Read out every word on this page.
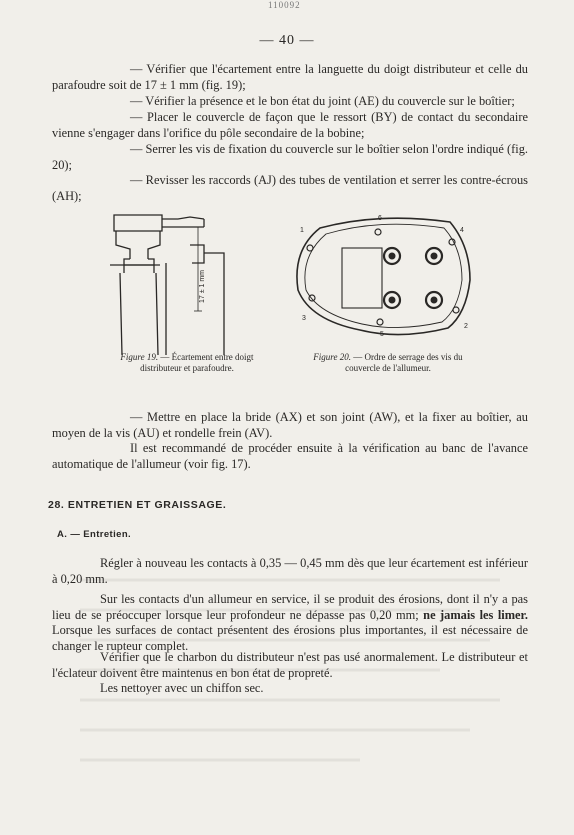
110092
— 40 —

— Vérifier que l'écartement entre la languette du doigt distributeur et celle du parafoudre soit de 17 ± 1 mm (fig. 19);

— Vérifier la présence et le bon état du joint (AE) du couvercle sur le boîtier;

— Placer le couvercle de façon que le ressort (BY) de contact du secondaire vienne s'engager dans l'orifice du pôle secondaire de la bobine;

— Serrer les vis de fixation du couvercle sur le boîtier selon l'ordre indiqué (fig. 20);

— Revisser les raccords (AJ) des tubes de ventilation et serrer les contre-écrous (AH);

17 ± 1 mm
Figure 19. — Écartement entre doigt distributeur et parafoudre.
1
2
3
4
5
6
Figure 20. — Ordre de serrage des vis du couvercle de l'allumeur.

— Mettre en place la bride (AX) et son joint (AW), et la fixer au boîtier, au moyen de la vis (AU) et rondelle frein (AV).

Il est recommandé de procéder ensuite à la vérification au banc de l'avance automatique de l'allumeur (voir fig. 17).

28. ENTRETIEN ET GRAISSAGE.
A. — Entretien.

Régler à nouveau les contacts à 0,35 — 0,45 mm dès que leur écartement est inférieur à 0,20 mm.

Sur les contacts d'un allumeur en service, il se produit des érosions, dont il n'y a pas lieu de se préoccuper lorsque leur profondeur ne dépasse pas 0,20 mm; ne jamais les limer. Lorsque les surfaces de contact présentent des érosions plus importantes, il est nécessaire de changer le rupteur complet.

Vérifier que le charbon du distributeur n'est pas usé anormalement. Le distributeur et l'éclateur doivent être maintenus en bon état de propreté.

Les nettoyer avec un chiffon sec.
